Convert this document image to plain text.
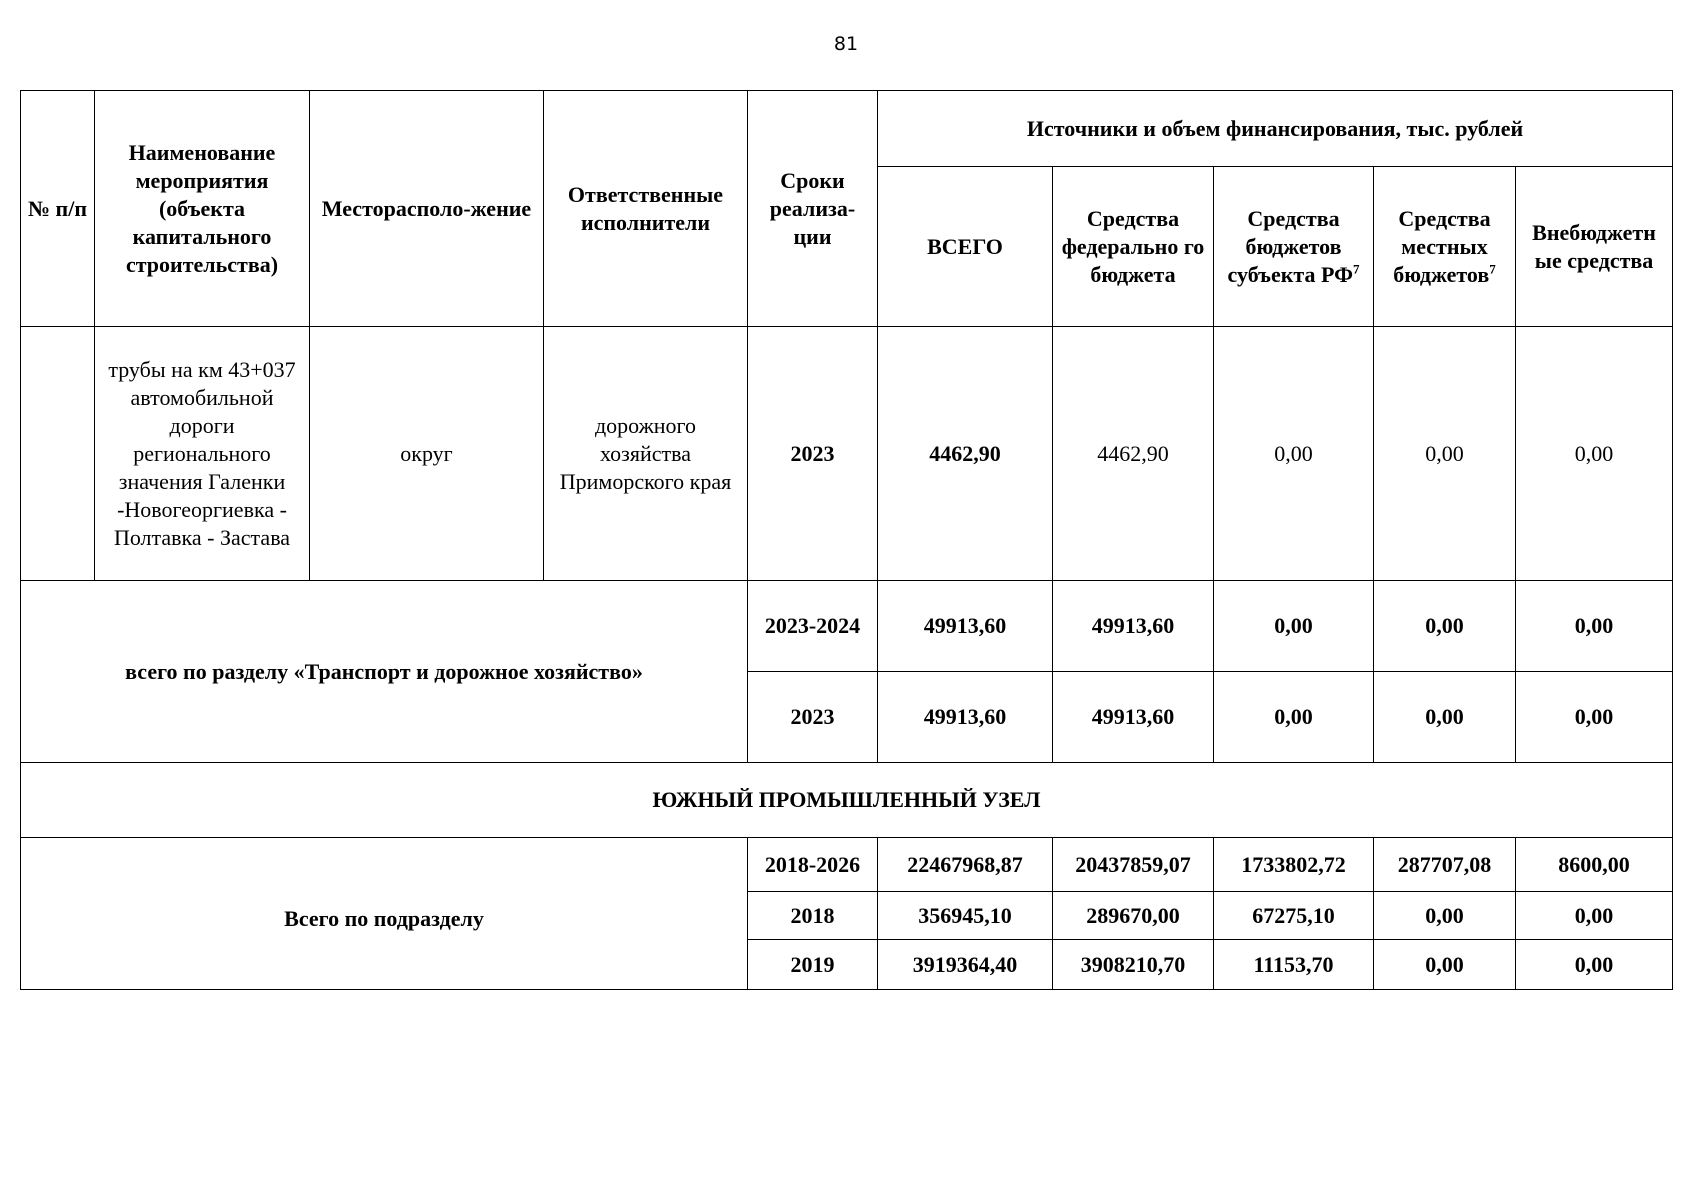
81
№ п/п	Наименование мероприятия (объекта капитального строительства)	Месторасполо-жение	Ответственные исполнители	Сроки реализа-ции	Источники и объем финансирования, тыс. рублей				
					ВСЕГО	Средства федерально го бюджета	Средства бюджетов субъекта $РФ^7$	Средства местных бюджетов$^7$	Внебюджетн ые средства
	трубы на км 43+037 автомобильной дороги регионального значения Галенки -Новогеоргиевка - Полтавка - Застава	округ	дорожного хозяйства Приморского края	2023	4462,90	4462,90	0,00	0,00	0,00
всего по разделу «Транспорт и дорожное хозяйство»				2023-2024	49913,60	49913,60	0,00	0,00	0,00
				2023	49913,60	49913,60	0,00	0,00	0,00
ЮЖНЫЙ ПРОМЫШЛЕННЫЙ УЗЕЛ									
Всего по подразделу				2018-2026	22467968,87	20437859,07	1733802,72	287707,08	8600,00
				2018	356945,10	289670,00	67275,10	0,00	0,00
				2019	3919364,40	3908210,70	11153,70	0,00	0,00
